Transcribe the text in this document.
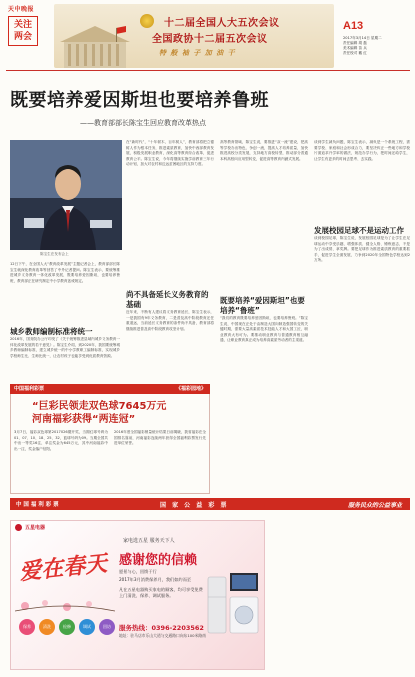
天中晚报
关注
两会
十二届全国人大五次会议
全国政协十二届五次会议
特 般 袖 子 加 油 干
A13
2017年3月14日 星期二
责任编辑 胡 磊
美术编辑 苗 兵
责任校对 戴 红
既要培养爱因斯坦也要培养鲁班
——教育部部长陈宝生回应教育改革热点
陈宝生在发布会上
12日下午，在全国人大“教育改革发展”主题记者会上，教育部部长陈宝生就深化教育改革等回答了中外记者提问。陈宝生表示，要统筹推进城乡义务教育一体化改革发展，既要培养爱因斯坦，也要培养鲁班，教育部正在研究制定中小学教育惩戒规定。
城乡教师编制标准将统一
2016年，国务院办公厅印发了《关于统筹推进县域内城乡义务教育一体化改革发展的若干意见》。陈宝生介绍，到2020年，我国要统筹城乡教师编制标准，建立城乡统一的中小学教职工编制标准，实现城乡学校师生比、生师比统一，让农村孩子也能享受到优质教育资源。
在“新时代”，“十年树木，百年树人”，教育部将把立德树人作为根本任务，推进素质教育，加快中西部教育发展，积极发展职业教育，深化高等教育综合改革，促进教育公平。陈宝生说，今年将继续实施学前教育三年行动计划，加大对农村和边远贫困地区的支持力度。
尚不具备延长义务教育的基础
近年来，不断有人建议将义务教育延长，陈宝生表示，一是我国有9年义务教育，二是普及高中阶段教育还任重道远，当前延长义务教育的条件尚不具备，教育部将继续推进普及高中阶段教育攻坚计划。
高等教育领域，陈宝生说，要推进“双一流”建设，把高等学校办出特色、争创一流，提高人才培养质量，加快推进高校分类发展，支持地方高校转型，推动部分普通本科高校向应用型转变，促进高等教育内涵式发展。
既要培养“爱因斯坦”也要培养“鲁班”
“我们的教育既要培养爱因斯坦，也要培养鲁班。”陈宝生说，中国现在正处于由制造大国向制造强国转变的关键时期，需要大量高素质技术技能人才和大国工匠，职业教育大有可为。要推动职业教育与普通教育相互融通，让职业教育真正成为培养高素质劳动者的主渠道。
谈到学生减负问题，陈宝生表示，减负是一个系统工程，需要学校、家庭和社会形成合力，要坚决纠正一些地方和学校片面追求升学率的做法，规范办学行为，把时间还给学生，让学生有更多的时间去思考、去实践。
发展校园足球不是运动工作
谈到校园足球，陈宝生说，发展校园足球是为了让学生在足球运动中享受乐趣、增强体质、健全人格、锤炼意志，不是为了出成绩、拿奖牌。要把足球作为推进素质教育的重要抓手，促进学生全面发展，力争到2020年全国特色学校达到2万所。
中国福利彩票	《福彩园地》
“巨彩民领走双色球7645万元
河南福彩获得“两连冠”
3月7日，福彩双色球第2017026期开奖，当期红球号码为01、07、10、18、25、32，蓝球号码为09。当期全国共中出一等奖16注，单注奖金为645万元，其中河南福彩中出一注，奖金落户信阳。
2016年度全国福彩销量统计结果日前揭晓，我省福彩在全国排名靠前，河南福彩连续两年获得全国福利彩票发行先进单位荣誉。
中 国 福 利 彩 票	国 家 公 益 彩 票	服务民众的公益事业
五星电器
爱在春天
家电选五星 服务天下人
感谢您的信赖
愿景与心，回馈于行
2017年3月消费保养月，我们如约而至
凡在五星电器购买家电的顾客，均可享受免费上门清洗、保养、调试服务。
服务热线：0396-2203562
地址：驻马店市乐山大道与交通路口向东100米路南
保养	清洗	检修	调试	回访
